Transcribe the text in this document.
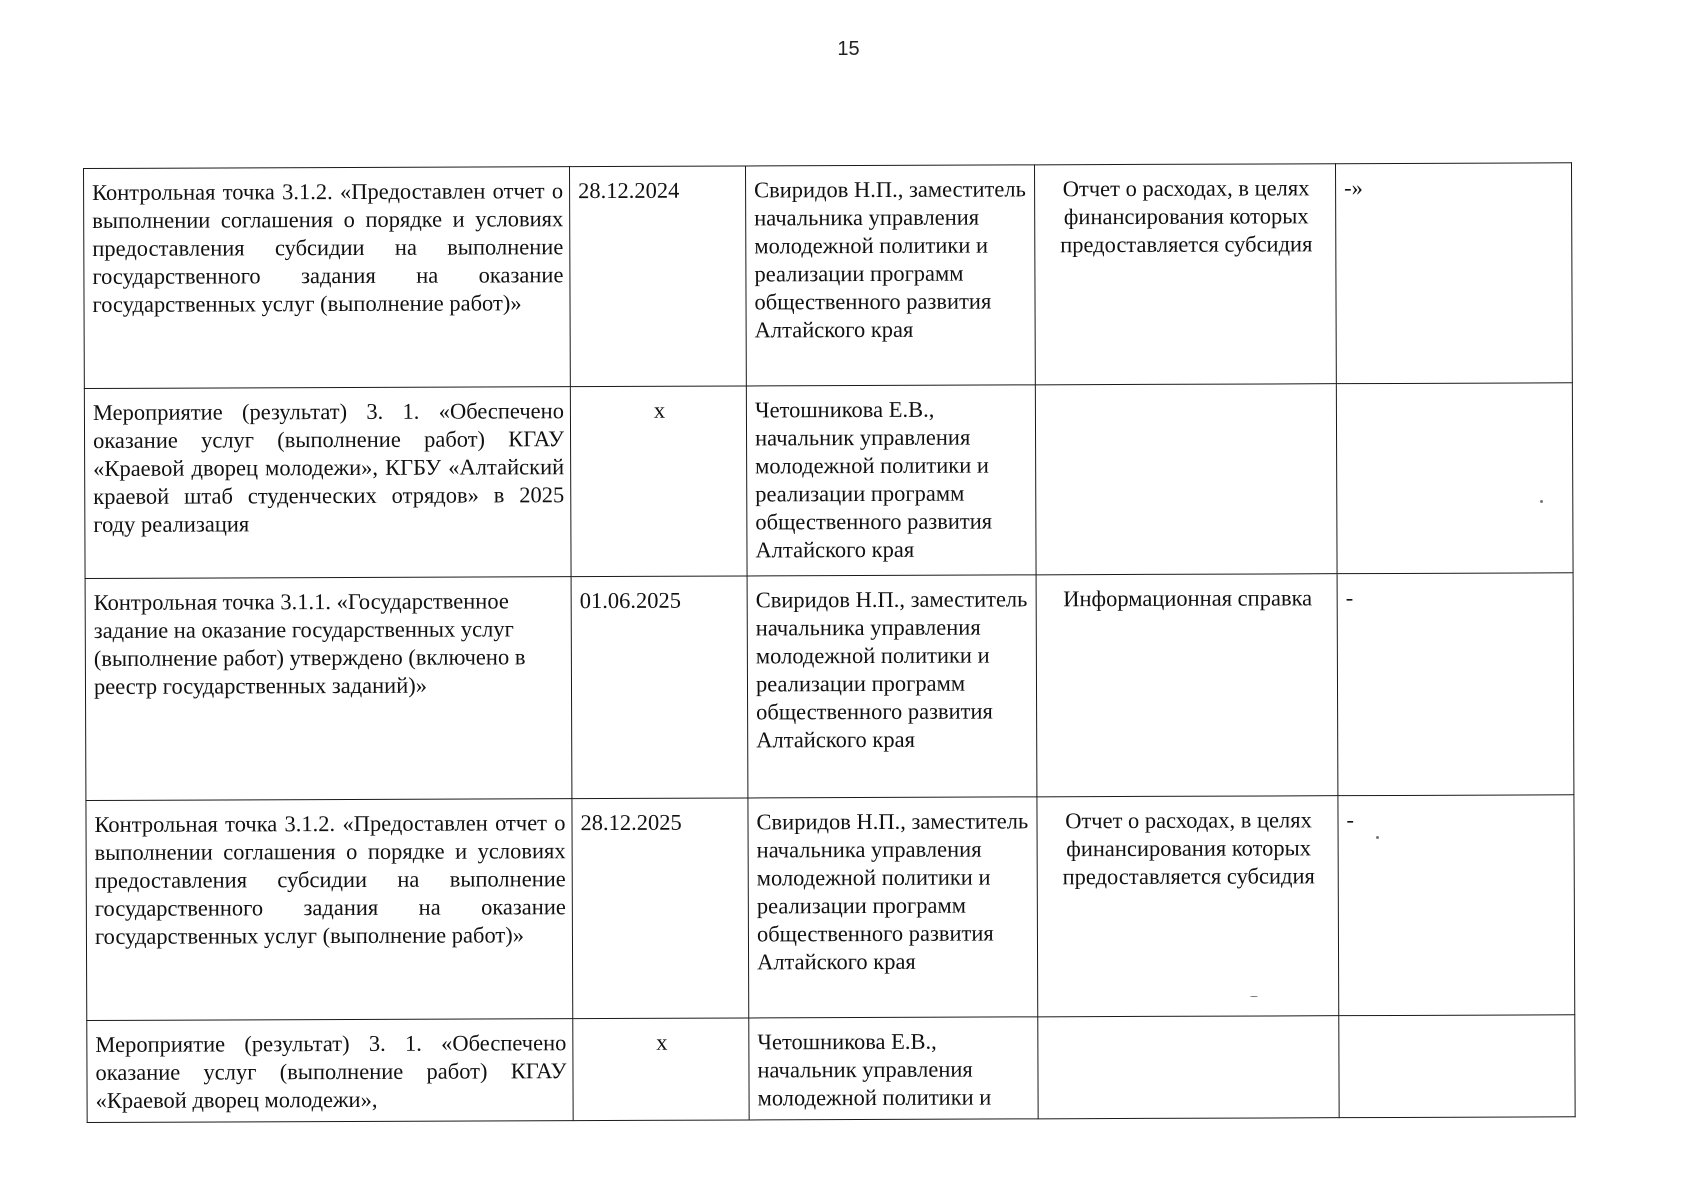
15
Контрольная точка 3.1.2. «Предоставлен отчет о выполнении соглашения о порядке и условиях предоставления субсидии на выполнение государственного задания на оказание государственных услуг (выполнение работ)»	28.12.2024	Свиридов Н.П., заместитель начальника управления молодежной политики и реализации программ общественного развития Алтайского края	Отчет о расходах, в целях финансирования которых предоставляется субсидия	-»
Мероприятие (результат) 3. 1. «Обеспечено оказание услуг (выполнение работ) КГАУ «Краевой дворец молодежи», КГБУ «Алтайский краевой штаб студенческих отрядов» в 2025 году реализация	x	Четошникова Е.В., начальник управления молодежной политики и реализации программ общественного развития Алтайского края		
Контрольная точка 3.1.1. «Государственное задание на оказание государственных услуг (выполнение работ) утверждено (включено в реестр государственных заданий)»	01.06.2025	Свиридов Н.П., заместитель начальника управления молодежной политики и реализации программ общественного развития Алтайского края	Информационная справка	-
Контрольная точка 3.1.2. «Предоставлен отчет о выполнении соглашения о порядке и условиях предоставления субсидии на выполнение государственного задания на оказание государственных услуг (выполнение работ)»	28.12.2025	Свиридов Н.П., заместитель начальника управления молодежной политики и реализации программ общественного развития Алтайского края	Отчет о расходах, в целях финансирования которых предоставляется субсидия	-
Мероприятие (результат) 3. 1. «Обеспечено оказание услуг (выполнение работ) КГАУ «Краевой дворец молодежи»,	x	Четошникова Е.В., начальник управления молодежной политики и		
